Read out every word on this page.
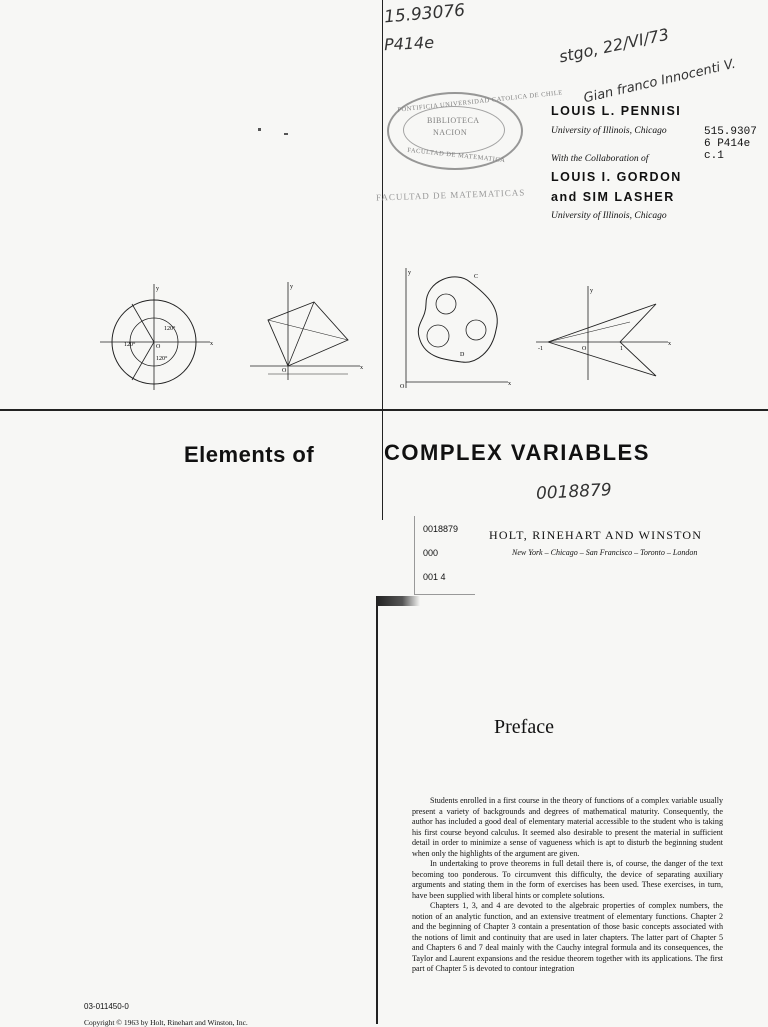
15.93076
P414e	stgo, 22/VI/73
Gian franco Innocenti V.
PONTIFICIA UNIVERSIDAD CATOLICA DE CHILE
BIBLIOTECA
NACION
FACULTAD DE MATEMATICA
FACULTAD DE MATEMATICAS
LOUIS L. PENNISI
University of Illinois, Chicago
With the Collaboration of
LOUIS I. GORDON
and SIM LASHER
University of Illinois, Chicago
515.9307
6 P414e
c.1
120°
120°
120°
O	x
y
O	x
y
C
D
O	x
y
-1	1
O
x
y
Elements of	COMPLEX VARIABLES
0018879
0018879
000
001 4
HOLT, RINEHART AND WINSTON
New York – Chicago – San Francisco – Toronto – London
Preface

Students enrolled in a first course in the theory of functions of a complex variable usually present a variety of backgrounds and degrees of mathematical maturity. Consequently, the author has included a good deal of elementary material accessible to the student who is taking his first course beyond calculus. It seemed also desirable to present the material in sufficient detail in order to minimize a sense of vagueness which is apt to disturb the beginning student when only the highlights of the argument are given.

In undertaking to prove theorems in full detail there is, of course, the danger of the text becoming too ponderous. To circumvent this difficulty, the device of separating auxiliary arguments and stating them in the form of exercises has been used. These exercises, in turn, have been supplied with liberal hints or complete solutions.

Chapters 1, 3, and 4 are devoted to the algebraic properties of complex numbers, the notion of an analytic function, and an extensive treatment of elementary functions. Chapter 2 and the beginning of Chapter 3 contain a presentation of those basic concepts associated with the notions of limit and continuity that are used in later chapters. The latter part of Chapter 5 and Chapters 6 and 7 deal mainly with the Cauchy integral formula and its consequences, the Taylor and Laurent expansions and the residue theorem together with its applications. The first part of Chapter 5 is devoted to contour integration

03-011450-0
Copyright © 1963 by Holt, Rinehart and Winston, Inc.
